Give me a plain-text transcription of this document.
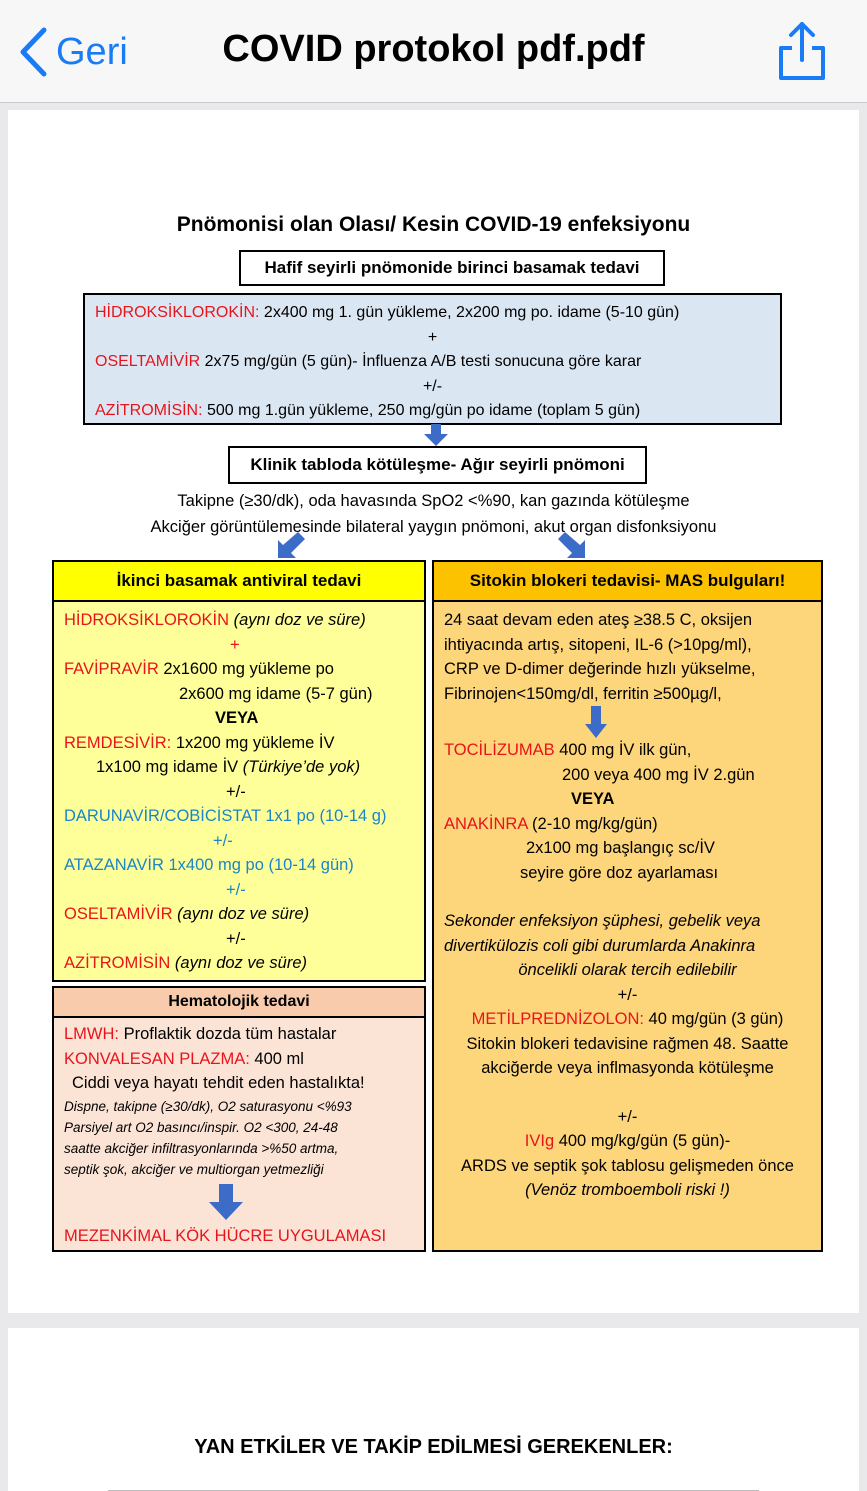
Geri	COVID protokol pdf.pdf
Pnömonisi olan Olası/ Kesin COVID-19 enfeksiyonu
Hafif seyirli pnömonide birinci basamak tedavi
HİDROKSİKLOROKİN: 2x400 mg 1. gün yükleme, 2x200 mg po. idame (5-10 gün)
+
OSELTAMİVİR 2x75 mg/gün (5 gün)- İnfluenza A/B testi sonucuna göre karar
+/-
AZİTROMİSİN: 500 mg 1.gün yükleme, 250 mg/gün po idame (toplam 5 gün)
Klinik tabloda kötüleşme- Ağır seyirli pnömoni
Takipne (≥30/dk), oda havasında SpO2 <%90, kan gazında kötüleşme
Akciğer görüntülemesinde bilateral yaygın pnömoni, akut organ disfonksiyonu
İkinci basamak antiviral tedavi
HİDROKSİKLOROKİN (aynı doz ve süre)
+
FAVİPRAVİR 2x1600 mg yükleme po
2x600 mg idame (5-7 gün)
VEYA
REMDESİVİR: 1x200 mg yükleme İV
1x100 mg idame İV (Türkiye’de yok)
+/-
DARUNAVİR/COBİCİSTAT 1x1 po (10-14 g)
+/-
ATAZANAVİR 1x400 mg po (10-14 gün)
+/-
OSELTAMİVİR (aynı doz ve süre)
+/-
AZİTROMİSİN (aynı doz ve süre)
Sitokin blokeri tedavisi- MAS bulguları!
24 saat devam eden ateş ≥38.5 C, oksijen
ihtiyacında artış, sitopeni, IL-6 (>10pg/ml),
CRP ve D-dimer değerinde hızlı yükselme,
Fibrinojen<150mg/dl, ferritin ≥500µg/l,
TOCİLİZUMAB 400 mg İV ilk gün,
200 veya 400 mg İV 2.gün
VEYA
ANAKİNRA (2-10 mg/kg/gün)
2x100 mg başlangıç sc/İV
seyire göre doz ayarlaması
Sekonder enfeksiyon şüphesi, gebelik veya
divertikülozis coli gibi durumlarda Anakinra
öncelikli olarak tercih edilebilir
+/-
METİLPREDNİZOLON: 40 mg/gün (3 gün)
Sitokin blokeri tedavisine rağmen 48. Saatte
akciğerde veya inflmasyonda kötüleşme
+/-
IVIg 400 mg/kg/gün (5 gün)-
ARDS ve septik şok tablosu gelişmeden önce
(Venöz tromboemboli riski !)
Hematolojik tedavi
LMWH: Proflaktik dozda tüm hastalar
KONVALESAN PLAZMA: 400 ml
Ciddi veya hayatı tehdit eden hastalıkta!
Dispne, takipne (≥30/dk), O2 saturasyonu <%93
Parsiyel art O2 basıncı/inspir. O2 <300, 24-48
saatte akciğer infiltrasyonlarında >%50 artma,
septik şok, akciğer ve multiorgan yetmezliği
MEZENKİMAL KÖK HÜCRE UYGULAMASI
YAN ETKİLER VE TAKİP EDİLMESİ GEREKENLER:
